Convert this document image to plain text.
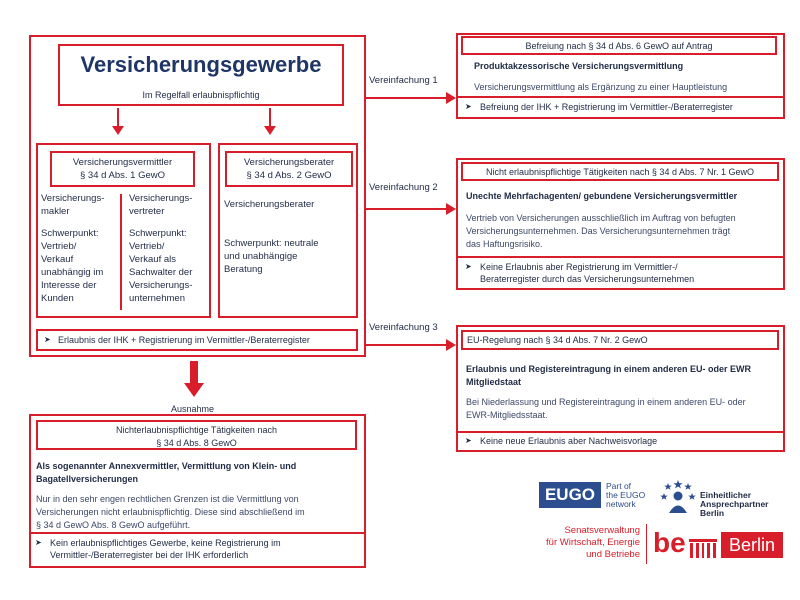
Versicherungsgewerbe
Im Regelfall erlaubnispflichtig
Versicherungsvermittler
§ 34 d Abs. 1 GewO
Versicherungs-
makler
Schwerpunkt:
Vertrieb/
Verkauf
unabhängig im
Interesse der
Kunden
Versicherungs-
vertreter
Schwerpunkt:
Vertrieb/
Verkauf als
Sachwalter der
Versicherungs-
unternehmen
Versicherungsberater
§ 34 d Abs. 2 GewO
Versicherungsberater
Schwerpunkt: neutrale
und unabhängige
Beratung
➤ Erlaubnis der IHK + Registrierung im Vermittler-/Beraterregister
Vereinfachung 1
Vereinfachung 2
Vereinfachung 3
Befreiung nach § 34 d Abs. 6 GewO auf Antrag
Produktakzessorische Versicherungsvermittlung
Versicherungsvermittlung als Ergänzung zu einer Hauptleistung
➤ Befreiung der IHK + Registrierung im Vermittler-/Beraterregister
Nicht erlaubnispflichtige Tätigkeiten nach § 34 d Abs. 7 Nr. 1 GewO
Unechte Mehrfachagenten/ gebundene Versicherungsvermittler
Vertrieb von Versicherungen ausschließlich im Auftrag von befugten
Versicherungsunternehmen. Das Versicherungsunternehmen trägt
das Haftungsrisiko.
➤ Keine Erlaubnis aber Registrierung im Vermittler-/
Beraterregister durch das Versicherungsunternehmen
EU-Regelung nach § 34 d Abs. 7 Nr. 2 GewO
Erlaubnis und Registereintragung in einem anderen EU- oder EWR
Mitgliedstaat
Bei Niederlassung und Registereintragung in einem anderen EU- oder
EWR-Mitgliedsstaat.
➤ Keine neue Erlaubnis aber Nachweisvorlage
Ausnahme
Nichterlaubnispflichtige Tätigkeiten nach
§ 34 d Abs. 8 GewO
Als sogenannter Annexvermittler, Vermittlung von Klein- und
Bagatellversicherungen
Nur in den sehr engen rechtlichen Grenzen ist die Vermittlung von
Versicherungen nicht erlaubnispflichtig. Diese sind abschließend im
§ 34 d GewO Abs. 8 GewO aufgeführt.
➤ Kein erlaubnispflichtiges Gewerbe, keine Registrierung im
Vermittler-/Beraterregister bei der IHK erforderlich
EUGO	Part of
the EUGO
network
Einheitlicher
Ansprechpartner
Berlin
Senatsverwaltung
für Wirtschaft, Energie
und Betriebe be	Berlin
